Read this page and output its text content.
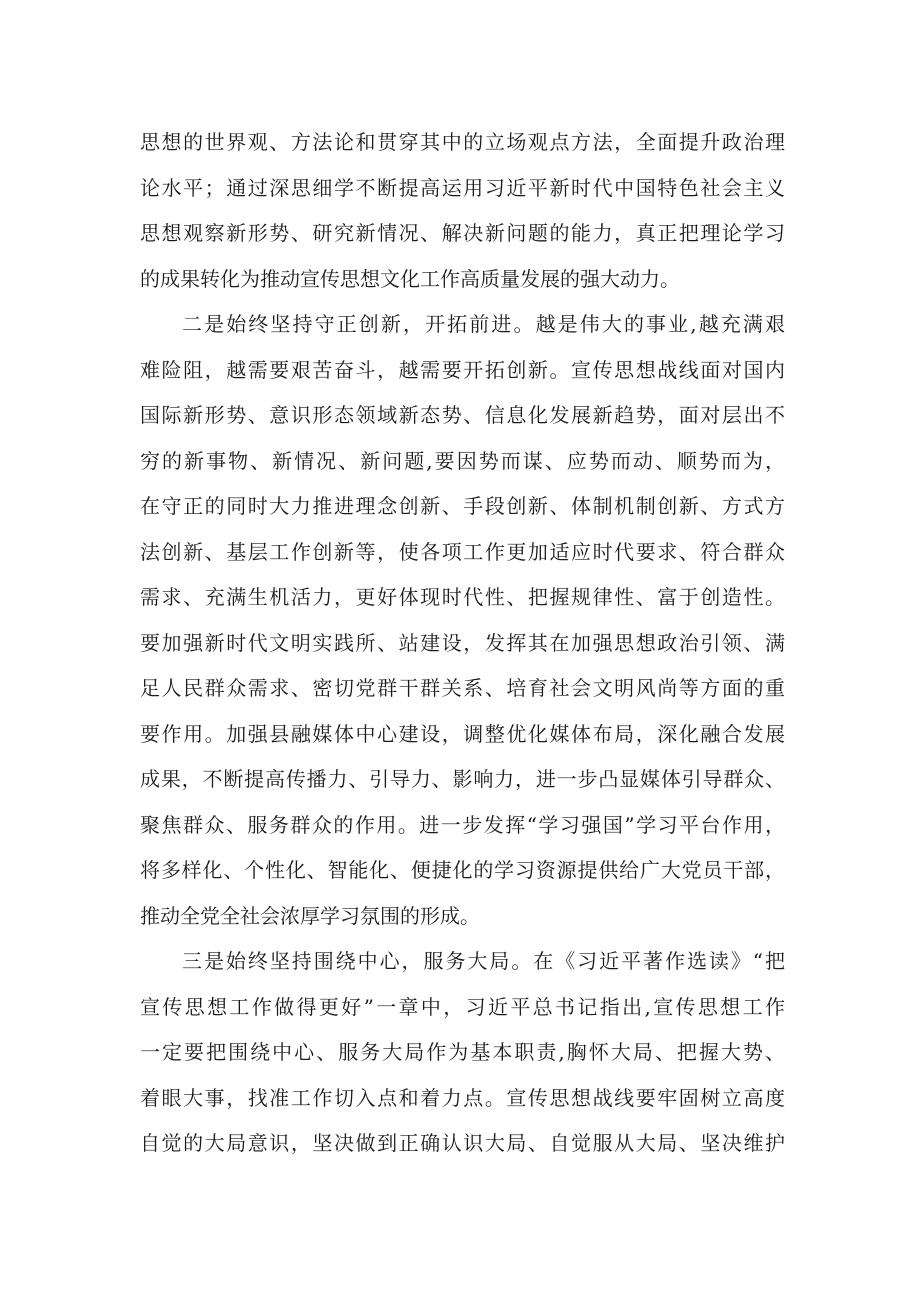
思想的世界观、方法论和贯穿其中的立场观点方法，全面提升政治理
论水平；通过深思细学不断提高运用习近平新时代中国特色社会主义
思想观察新形势、研究新情况、解决新问题的能力，真正把理论学习
的成果转化为推动宣传思想文化工作高质量发展的强大动力。
二是始终坚持守正创新，开拓前进。越是伟大的事业,越充满艰
难险阻，越需要艰苦奋斗，越需要开拓创新。宣传思想战线面对国内
国际新形势、意识形态领域新态势、信息化发展新趋势，面对层出不
穷的新事物、新情况、新问题,要因势而谋、应势而动、顺势而为，
在守正的同时大力推进理念创新、手段创新、体制机制创新、方式方
法创新、基层工作创新等，使各项工作更加适应时代要求、符合群众
需求、充满生机活力，更好体现时代性、把握规律性、富于创造性。
要加强新时代文明实践所、站建设，发挥其在加强思想政治引领、满
足人民群众需求、密切党群干群关系、培育社会文明风尚等方面的重
要作用。加强县融媒体中心建设，调整优化媒体布局，深化融合发展
成果，不断提高传播力、引导力、影响力，进一步凸显媒体引导群众、
聚焦群众、服务群众的作用。进一步发挥“学习强国”学习平台作用，
将多样化、个性化、智能化、便捷化的学习资源提供给广大党员干部，
推动全党全社会浓厚学习氛围的形成。
三是始终坚持围绕中心，服务大局。在《习近平著作选读》“把
宣传思想工作做得更好”一章中，习近平总书记指出,宣传思想工作
一定要把围绕中心、服务大局作为基本职责,胸怀大局、把握大势、
着眼大事，找准工作切入点和着力点。宣传思想战线要牢固树立高度
自觉的大局意识，坚决做到正确认识大局、自觉服从大局、坚决维护
